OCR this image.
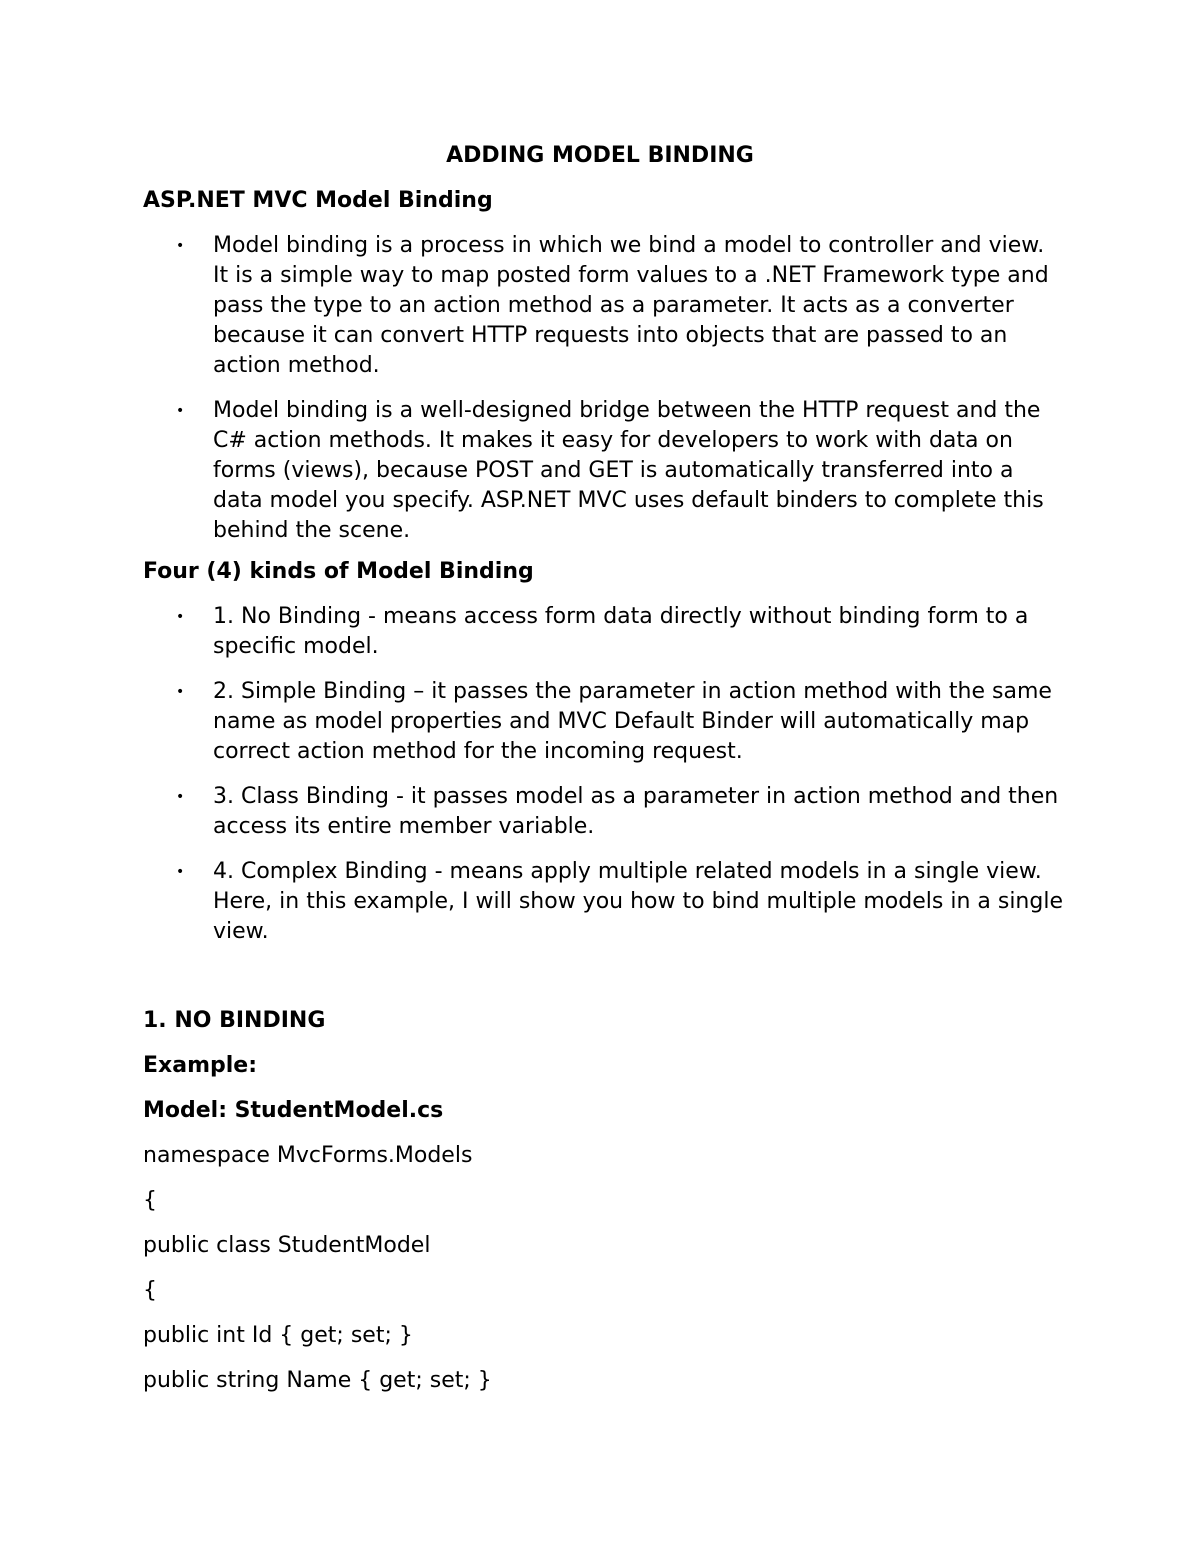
ADDING MODEL BINDING
ASP.NET MVC Model Binding
• Model binding is a process in which we bind a model to controller and view. It is a simple way to map posted form values to a .NET Framework type and pass the type to an action method as a parameter. It acts as a converter because it can convert HTTP requests into objects that are passed to an action method.
• Model binding is a well-designed bridge between the HTTP request and the C# action methods. It makes it easy for developers to work with data on forms (views), because POST and GET is automatically transferred into a data model you specify. ASP.NET MVC uses default binders to complete this behind the scene.
Four (4) kinds of Model Binding
• 1. No Binding - means access form data directly without binding form to a specific model.
• 2. Simple Binding – it passes the parameter in action method with the same name as model properties and MVC Default Binder will automatically map correct action method for the incoming request.
• 3. Class Binding - it passes model as a parameter in action method and then access its entire member variable.
• 4. Complex Binding - means apply multiple related models in a single view. Here, in this example, I will show you how to bind multiple models in a single view.
1. NO BINDING
Example:
Model: StudentModel.cs

namespace MvcForms.Models

{

public class StudentModel

{

public int Id { get; set; }

public string Name { get; set; }
